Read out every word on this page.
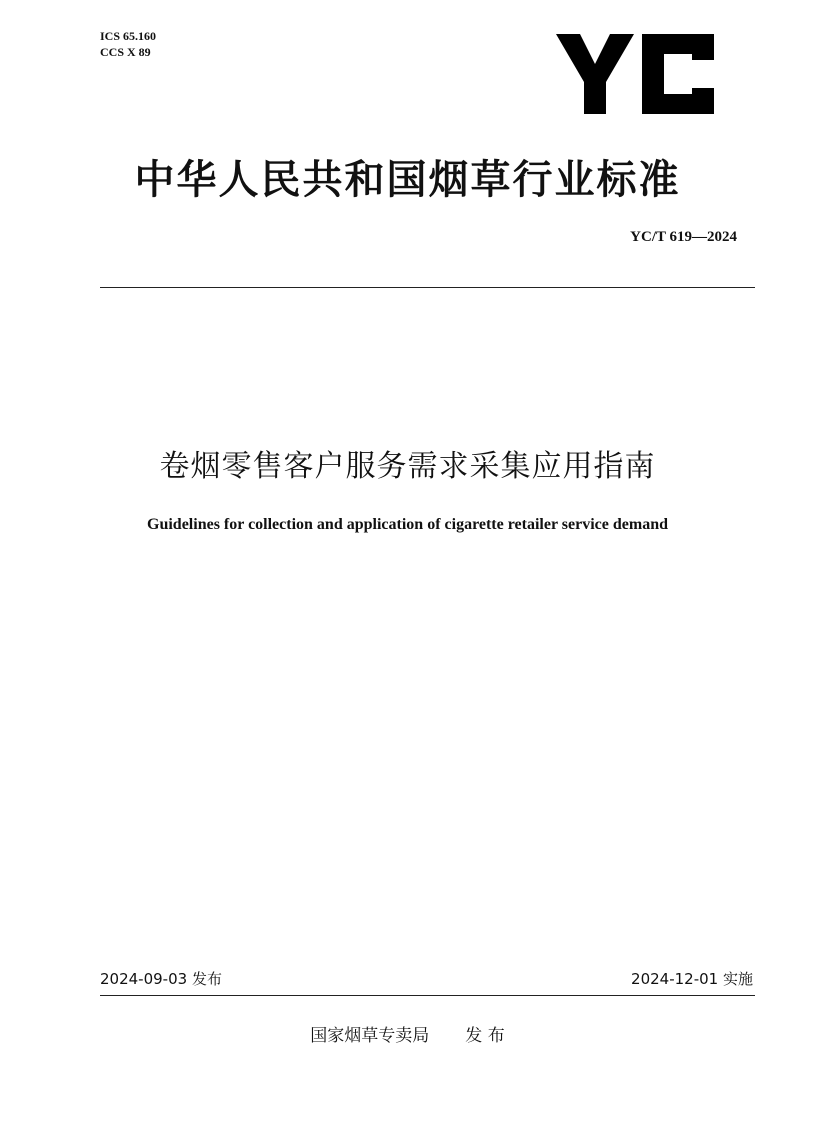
ICS 65.160
CCS X 89
中华人民共和国烟草行业标准
YC/T 619—2024
卷烟零售客户服务需求采集应用指南
Guidelines for collection and application of cigarette retailer service demand
2024-09-03 发布	2024-12-01 实施
国家烟草专卖局 发 布
